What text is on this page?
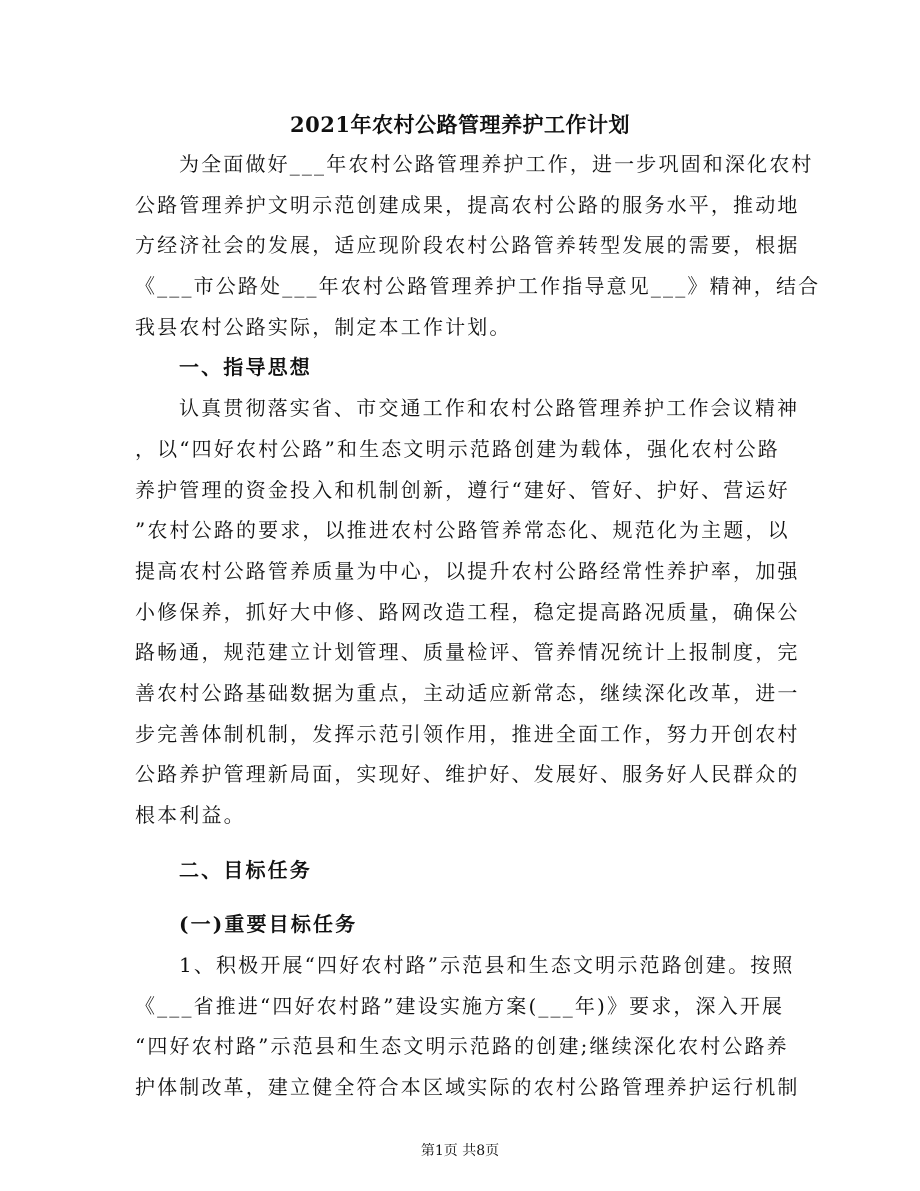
2021年农村公路管理养护工作计划
为全面做好___年农村公路管理养护工作，进一步巩固和深化农村
公路管理养护文明示范创建成果，提高农村公路的服务水平，推动地
方经济社会的发展，适应现阶段农村公路管养转型发展的需要，根据
《___市公路处___年农村公路管理养护工作指导意见___》精神，结合
我县农村公路实际，制定本工作计划。
一、指导思想
认真贯彻落实省、市交通工作和农村公路管理养护工作会议精神
，以“四好农村公路”和生态文明示范路创建为载体，强化农村公路
养护管理的资金投入和机制创新，遵行“建好、管好、护好、营运好
”农村公路的要求，以推进农村公路管养常态化、规范化为主题，以
提高农村公路管养质量为中心，以提升农村公路经常性养护率，加强
小修保养，抓好大中修、路网改造工程，稳定提高路况质量，确保公
路畅通，规范建立计划管理、质量检评、管养情况统计上报制度，完
善农村公路基础数据为重点，主动适应新常态，继续深化改革，进一
步完善体制机制，发挥示范引领作用，推进全面工作，努力开创农村
公路养护管理新局面，实现好、维护好、发展好、服务好人民群众的
根本利益。
二、目标任务
(一)重要目标任务
1、积极开展“四好农村路”示范县和生态文明示范路创建。按照
《___省推进“四好农村路”建设实施方案(___年)》要求，深入开展
“四好农村路”示范县和生态文明示范路的创建;继续深化农村公路养
护体制改革，建立健全符合本区域实际的农村公路管理养护运行机制
第1页 共8页
